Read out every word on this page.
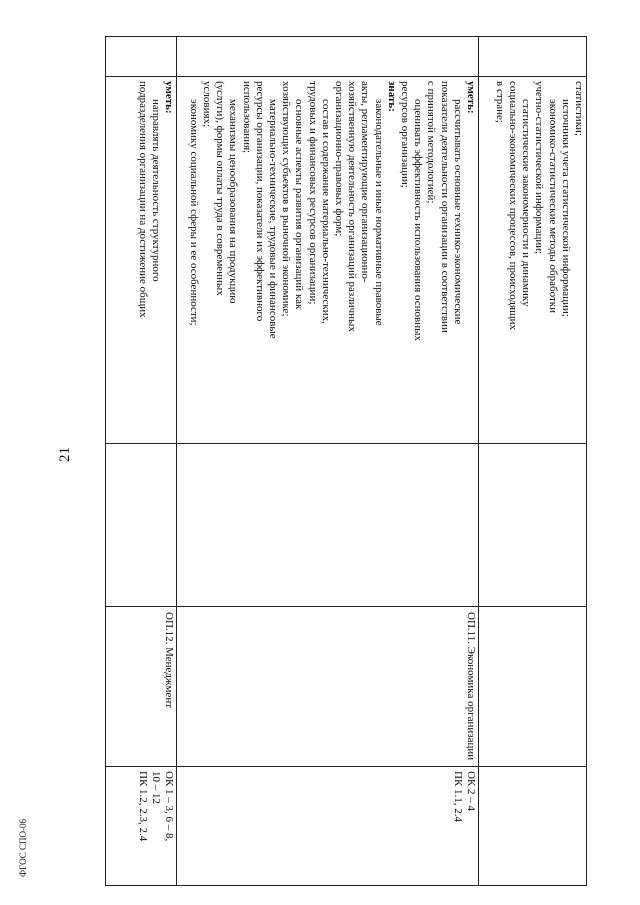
21
ФГОС СПО-06

статистики;

источники учета статистической информации;

экономико-статистические методы обработки

учетно-статистической информации;

статистические закономерности и динамику

социально-экономических процессов, происходящих

в стране;

уметь:

рассчитывать основные технико-экономические

показатели деятельности организации в соответствии

с принятой методологией;

оценивать эффективность использования основных

ресурсов организации;

знать:

законодательные и иные нормативные правовые

акты, регламентирующие организационно-

хозяйственную деятельность организаций различных

организационно-правовых форм;

состав и содержание материально-технических,

трудовых и финансовых ресурсов организации;

основные аспекты развития организаций как

хозяйствующих субъектов в рыночной экономике;

материально-технические, трудовые и финансовые

ресурсы организации, показатели их эффективного

использования;

механизмы ценообразования на продукцию

(услуги), формы оплаты труда в современных

условиях;

экономику социальной сферы и ее особенности;

ОП.11. Экономика организации
ОК 2 – 4
ПК 1.1, 2.4

уметь:

направлять деятельность структурного

подразделения организации на достижение общих

ОП.12. Менеджмент
ОК 1 – 3, 6 – 8,
10 – 12
ПК 1.2, 2.3, 2.4
